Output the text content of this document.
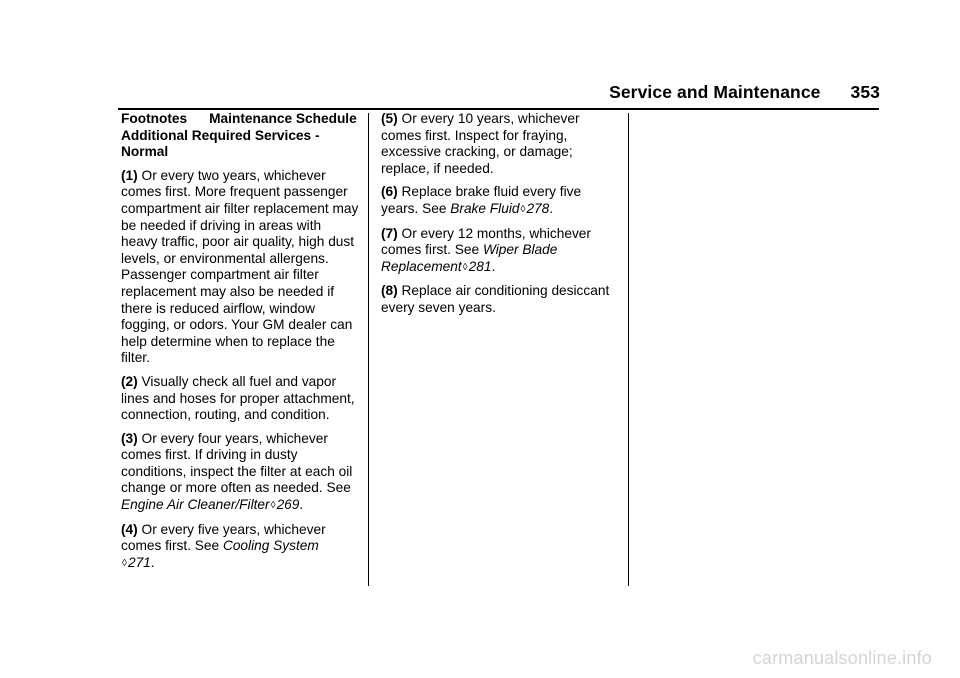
Service and Maintenance 353

Footnotes Maintenance Schedule Additional Required Services - Normal

(1) Or every two years, whichever comes first. More frequent passenger compartment air filter replacement may be needed if driving in areas with heavy traffic, poor air quality, high dust levels, or environmental allergens. Passenger compartment air filter replacement may also be needed if there is reduced airflow, window fogging, or odors. Your GM dealer can help determine when to replace the filter.

(2) Visually check all fuel and vapor lines and hoses for proper attachment, connection, routing, and condition.

(3) Or every four years, whichever comes first. If driving in dusty conditions, inspect the filter at each oil change or more often as needed. See Engine Air Cleaner/Filter◊269.

(4) Or every five years, whichever comes first. See Cooling System
◊271.

(5) Or every 10 years, whichever comes first. Inspect for fraying, excessive cracking, or damage; replace, if needed.

(6) Replace brake fluid every five years. See Brake Fluid◊278.

(7) Or every 12 months, whichever comes first. See Wiper Blade Replacement◊281.

(8) Replace air conditioning desiccant every seven years.

carmanualsonline.info
